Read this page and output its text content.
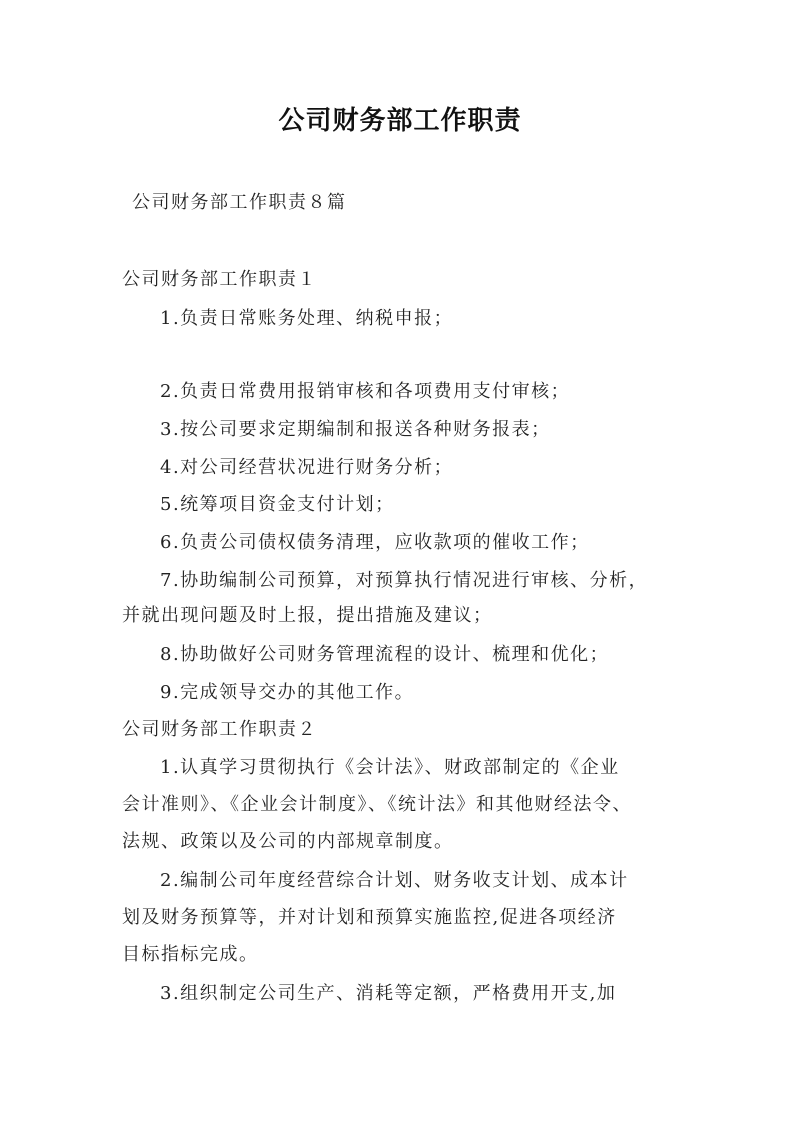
公司财务部工作职责
公司财务部工作职责８篇
公司财务部工作职责１
1.负责日常账务处理、纳税申报；
2.负责日常费用报销审核和各项费用支付审核；
3.按公司要求定期编制和报送各种财务报表；
4.对公司经营状况进行财务分析；
5.统筹项目资金支付计划；
6.负责公司债权债务清理，应收款项的催收工作；
7.协助编制公司预算，对预算执行情况进行审核、分析，
并就出现问题及时上报，提出措施及建议；
8.协助做好公司财务管理流程的设计、梳理和优化；
9.完成领导交办的其他工作。
公司财务部工作职责２
1.认真学习贯彻执行《会计法》、财政部制定的《企业
会计准则》、《企业会计制度》、《统计法》和其他财经法令、
法规、政策以及公司的内部规章制度。
2.编制公司年度经营综合计划、财务收支计划、成本计
划及财务预算等，并对计划和预算实施监控,促进各项经济
目标指标完成。
3.组织制定公司生产、消耗等定额，严格费用开支,加
